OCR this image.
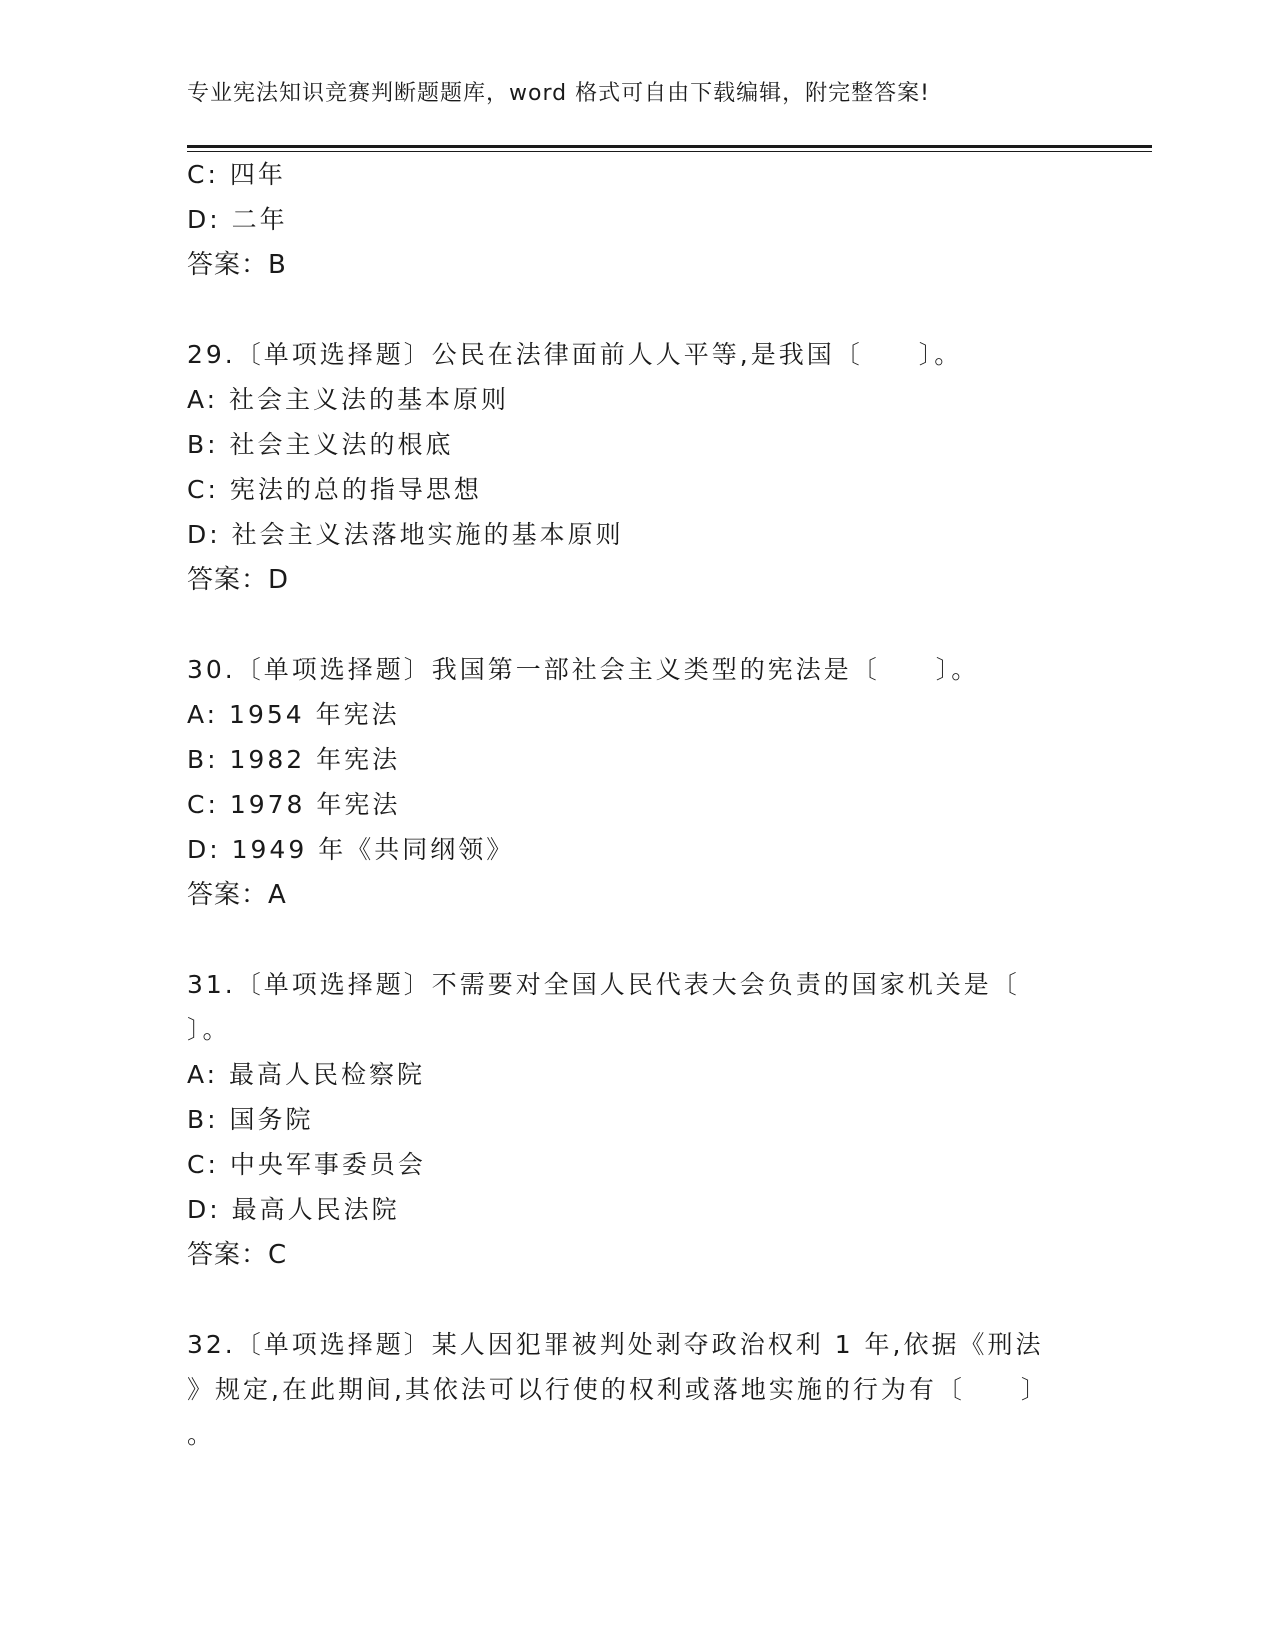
专业宪法知识竞赛判断题题库，word 格式可自由下载编辑，附完整答案!
C: 四年
D: 二年
答案：B
29.〔单项选择题〕公民在法律面前人人平等,是我国〔　　〕。
A: 社会主义法的基本原则
B: 社会主义法的根底
C: 宪法的总的指导思想
D: 社会主义法落地实施的基本原则
答案：D
30.〔单项选择题〕我国第一部社会主义类型的宪法是〔　　〕。
A: 1954 年宪法
B: 1982 年宪法
C: 1978 年宪法
D: 1949 年《共同纲领》
答案：A
31.〔单项选择题〕不需要对全国人民代表大会负责的国家机关是〔
〕。
A: 最高人民检察院
B: 国务院
C: 中央军事委员会
D: 最高人民法院
答案：C
32.〔单项选择题〕某人因犯罪被判处剥夺政治权利 1 年,依据《刑法
》规定,在此期间,其依法可以行使的权利或落地实施的行为有〔　　〕
。
